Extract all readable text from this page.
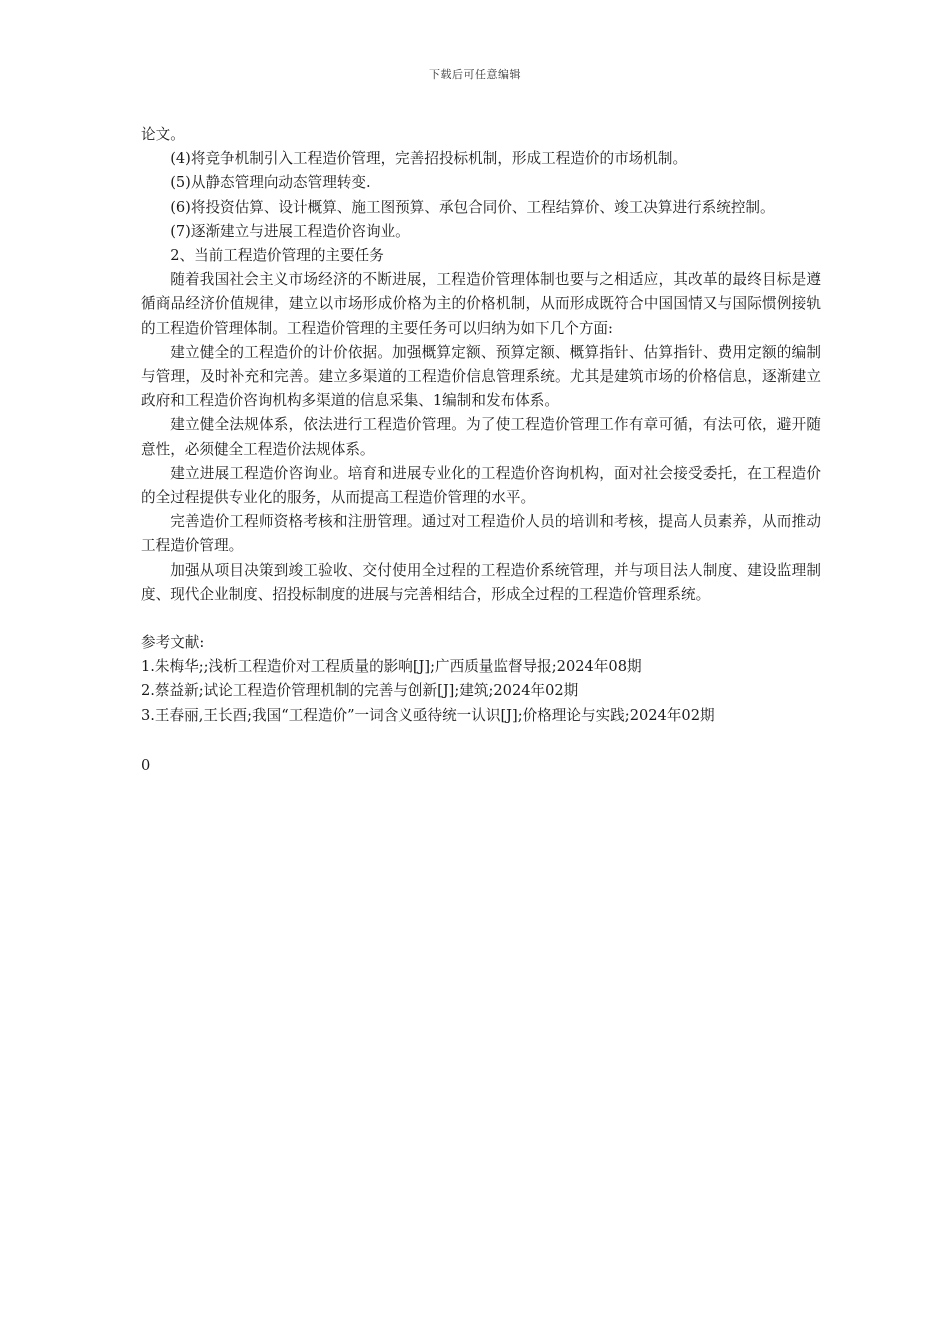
下载后可任意编辑

论文。

(4)将竞争机制引入工程造价管理，完善招投标机制，形成工程造价的市场机制。

(5)从静态管理向动态管理转变.

(6)将投资估算、设计概算、施工图预算、承包合同价、工程结算价、竣工决算进行系统控制。

(7)逐渐建立与进展工程造价咨询业。

2、当前工程造价管理的主要任务

随着我国社会主义市场经济的不断进展，工程造价管理体制也要与之相适应，其改革的最终目标是遵循商品经济价值规律，建立以市场形成价格为主的价格机制，从而形成既符合中国国情又与国际惯例接轨的工程造价管理体制。工程造价管理的主要任务可以归纳为如下几个方面:

建立健全的工程造价的计价依据。加强概算定额、预算定额、概算指针、估算指针、费用定额的编制与管理，及时补充和完善。建立多渠道的工程造价信息管理系统。尤其是建筑市场的价格信息，逐渐建立政府和工程造价咨询机构多渠道的信息采集、1编制和发布体系。

建立健全法规体系，依法进行工程造价管理。为了使工程造价管理工作有章可循，有法可依，避开随意性，必须健全工程造价法规体系。

建立进展工程造价咨询业。培育和进展专业化的工程造价咨询机构，面对社会接受委托，在工程造价的全过程提供专业化的服务，从而提高工程造价管理的水平。

完善造价工程师资格考核和注册管理。通过对工程造价人员的培训和考核，提高人员素养，从而推动工程造价管理。

加强从项目决策到竣工验收、交付使用全过程的工程造价系统管理，并与项目法人制度、建设监理制度、现代企业制度、招投标制度的进展与完善相结合，形成全过程的工程造价管理系统。

参考文献:

1.朱梅华;;浅析工程造价对工程质量的影响[J];广西质量监督导报;2024年08期

2.蔡益新;试论工程造价管理机制的完善与创新[J];建筑;2024年02期

3.王春丽,王长酉;我国“工程造价”一词含义亟待统一认识[J];价格理论与实践;2024年02期

0
